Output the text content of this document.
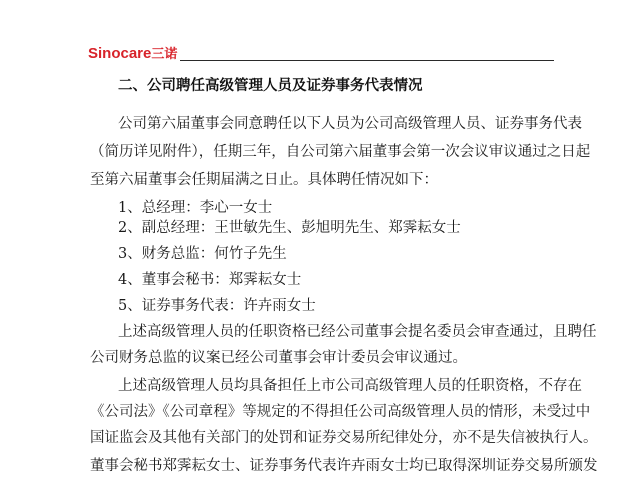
Sinocare三诺
二、公司聘任高级管理人员及证券事务代表情况
公司第六届董事会同意聘任以下人员为公司高级管理人员、证券事务代表
（简历详见附件），任期三年，自公司第六届董事会第一次会议审议通过之日起
至第六届董事会任期届满之日止。具体聘任情况如下：
1、总经理：李心一女士
2、副总经理：王世敏先生、彭旭明先生、郑霁耘女士
3、财务总监：何竹子先生
4、董事会秘书：郑霁耘女士
5、证券事务代表：许卉雨女士
上述高级管理人员的任职资格已经公司董事会提名委员会审查通过，且聘任
公司财务总监的议案已经公司董事会审计委员会审议通过。
上述高级管理人员均具备担任上市公司高级管理人员的任职资格，不存在
《公司法》《公司章程》等规定的不得担任公司高级管理人员的情形，未受过中
国证监会及其他有关部门的处罚和证券交易所纪律处分，亦不是失信被执行人。
董事会秘书郑霁耘女士、证券事务代表许卉雨女士均已取得深圳证券交易所颁发
